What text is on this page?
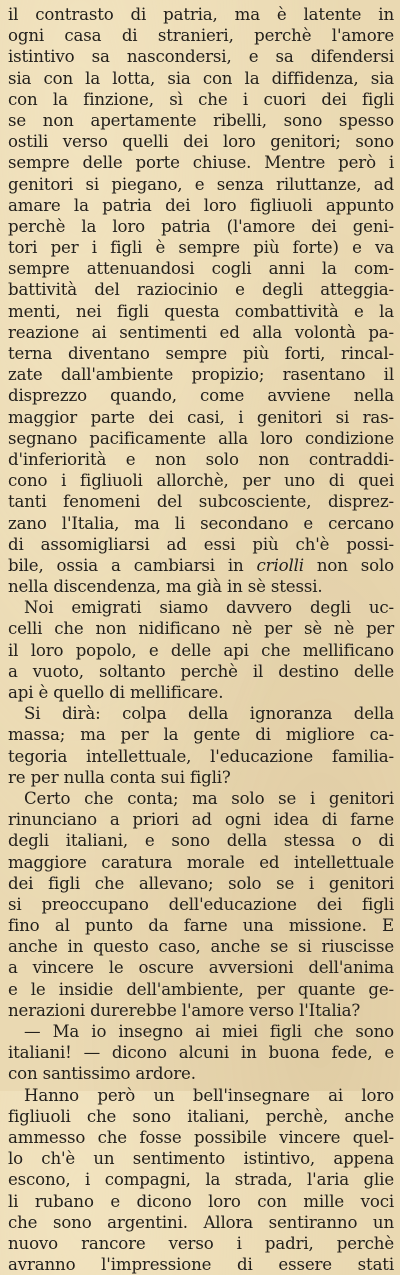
il contrasto di patria, ma è latente in
ogni casa di stranieri, perchè l'amore
istintivo sa nascondersi, e sa difendersi
sia con la lotta, sia con la diffidenza, sia
con la finzione, sì che i cuori dei figli
se non apertamente ribelli, sono spesso
ostili verso quelli dei loro genitori; sono
sempre delle porte chiuse. Mentre però i
genitori si piegano, e senza riluttanze, ad
amare la patria dei loro figliuoli appunto
perchè la loro patria (l'amore dei geni-
tori per i figli è sempre più forte) e va
sempre attenuandosi cogli anni la com-
battività del raziocinio e degli atteggia-
menti, nei figli questa combattività e la
reazione ai sentimenti ed alla volontà pa-
terna diventano sempre più forti, rincal-
zate dall'ambiente propizio; rasentano il
disprezzo quando, come avviene nella
maggior parte dei casi, i genitori si ras-
segnano pacificamente alla loro condizione
d'inferiorità e non solo non contraddi-
cono i figliuoli allorchè, per uno di quei
tanti fenomeni del subcosciente, disprez-
zano l'Italia, ma li secondano e cercano
di assomigliarsi ad essi più ch'è possi-
bile, ossia a cambiarsi in criolli non solo
nella discendenza, ma già in sè stessi.
Noi emigrati siamo davvero degli uc-
celli che non nidificano nè per sè nè per
il loro popolo, e delle api che mellificano
a vuoto, soltanto perchè il destino delle
api è quello di mellificare.
Si dirà: colpa della ignoranza della
massa; ma per la gente di migliore ca-
tegoria intellettuale, l'educazione familia-
re per nulla conta sui figli?
Certo che conta; ma solo se i genitori
rinunciano a priori ad ogni idea di farne
degli italiani, e sono della stessa o di
maggiore caratura morale ed intellettuale
dei figli che allevano; solo se i genitori
si preoccupano dell'educazione dei figli
fino al punto da farne una missione. E
anche in questo caso, anche se si riuscisse
a vincere le oscure avversioni dell'anima
e le insidie dell'ambiente, per quante ge-
nerazioni durerebbe l'amore verso l'Italia?
— Ma io insegno ai miei figli che sono
italiani! — dicono alcuni in buona fede, e
con santissimo ardore.
Hanno però un bell'insegnare ai loro
figliuoli che sono italiani, perchè, anche
ammesso che fosse possibile vincere quel-
lo ch'è un sentimento istintivo, appena
escono, i compagni, la strada, l'aria glie
li rubano e dicono loro con mille voci
che sono argentini. Allora sentiranno un
nuovo rancore verso i padri, perchè
avranno l'impressione di essere stati
